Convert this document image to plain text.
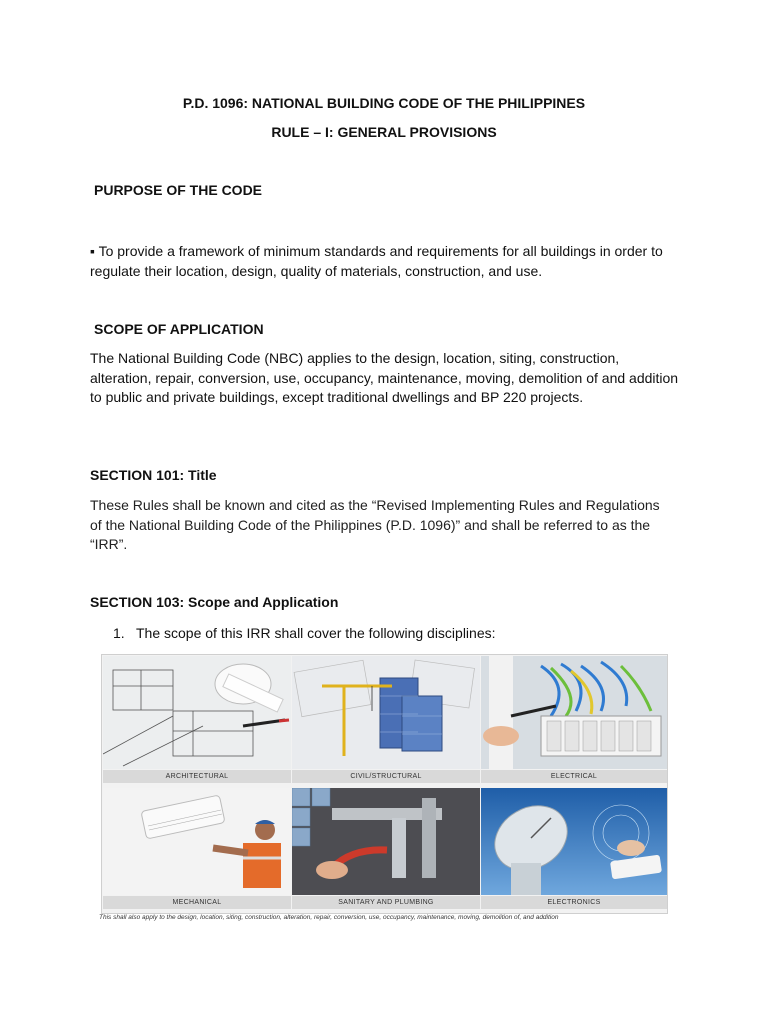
P.D. 1096: NATIONAL BUILDING CODE OF THE PHILIPPINES
RULE – I: GENERAL PROVISIONS
PURPOSE OF THE CODE
▪ To provide a framework of minimum standards and requirements for all buildings in order to regulate their location, design, quality of materials, construction, and use.
SCOPE OF APPLICATION
The National Building Code (NBC) applies to the design, location, siting, construction, alteration, repair, conversion, use, occupancy, maintenance, moving, demolition of and addition to public and private buildings, except traditional dwellings and BP 220 projects.
SECTION 101: Title
These Rules shall be known and cited as the “Revised Implementing Rules and Regulations of the National Building Code of the Philippines (P.D. 1096)” and shall be referred to as the “IRR”.
SECTION 103: Scope and Application
1. The scope of this IRR shall cover the following disciplines:
ARCHITECTURAL	CIVIL/STRUCTURAL	ELECTRICAL
MECHANICAL	SANITARY AND PLUMBING	ELECTRONICS
This shall also apply to the design, location, siting, construction, alteration, repair, conversion, use, occupancy, maintenance, moving, demolition of, and addition
